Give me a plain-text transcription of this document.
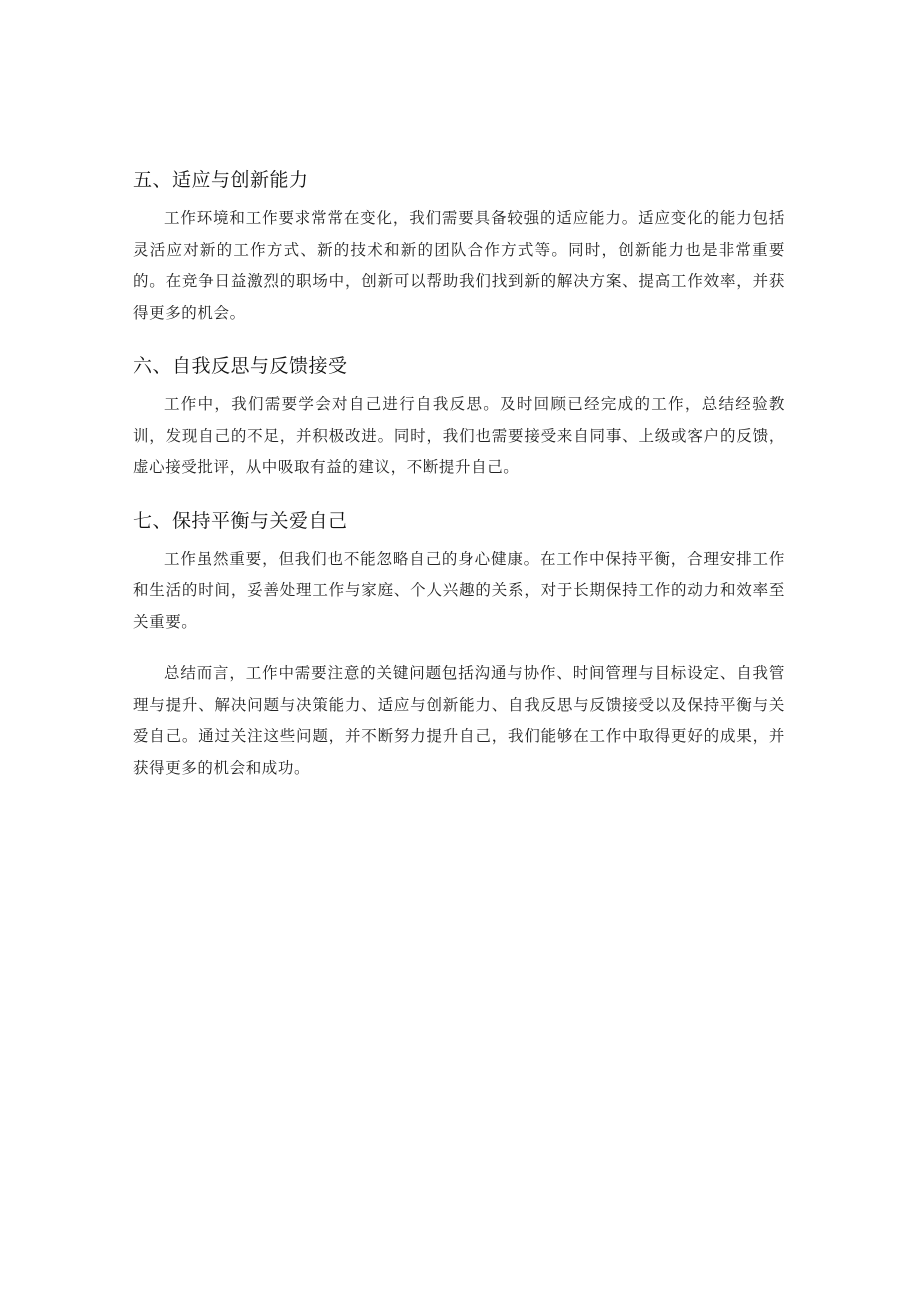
五、适应与创新能力

工作环境和工作要求常常在变化，我们需要具备较强的适应能力。适应变化的能力包括灵活应对新的工作方式、新的技术和新的团队合作方式等。同时，创新能力也是非常重要的。在竞争日益激烈的职场中，创新可以帮助我们找到新的解决方案、提高工作效率，并获得更多的机会。

六、自我反思与反馈接受

工作中，我们需要学会对自己进行自我反思。及时回顾已经完成的工作，总结经验教训，发现自己的不足，并积极改进。同时，我们也需要接受来自同事、上级或客户的反馈，虚心接受批评，从中吸取有益的建议，不断提升自己。

七、保持平衡与关爱自己

工作虽然重要，但我们也不能忽略自己的身心健康。在工作中保持平衡，合理安排工作和生活的时间，妥善处理工作与家庭、个人兴趣的关系，对于长期保持工作的动力和效率至关重要。

总结而言，工作中需要注意的关键问题包括沟通与协作、时间管理与目标设定、自我管理与提升、解决问题与决策能力、适应与创新能力、自我反思与反馈接受以及保持平衡与关爱自己。通过关注这些问题，并不断努力提升自己，我们能够在工作中取得更好的成果，并获得更多的机会和成功。
